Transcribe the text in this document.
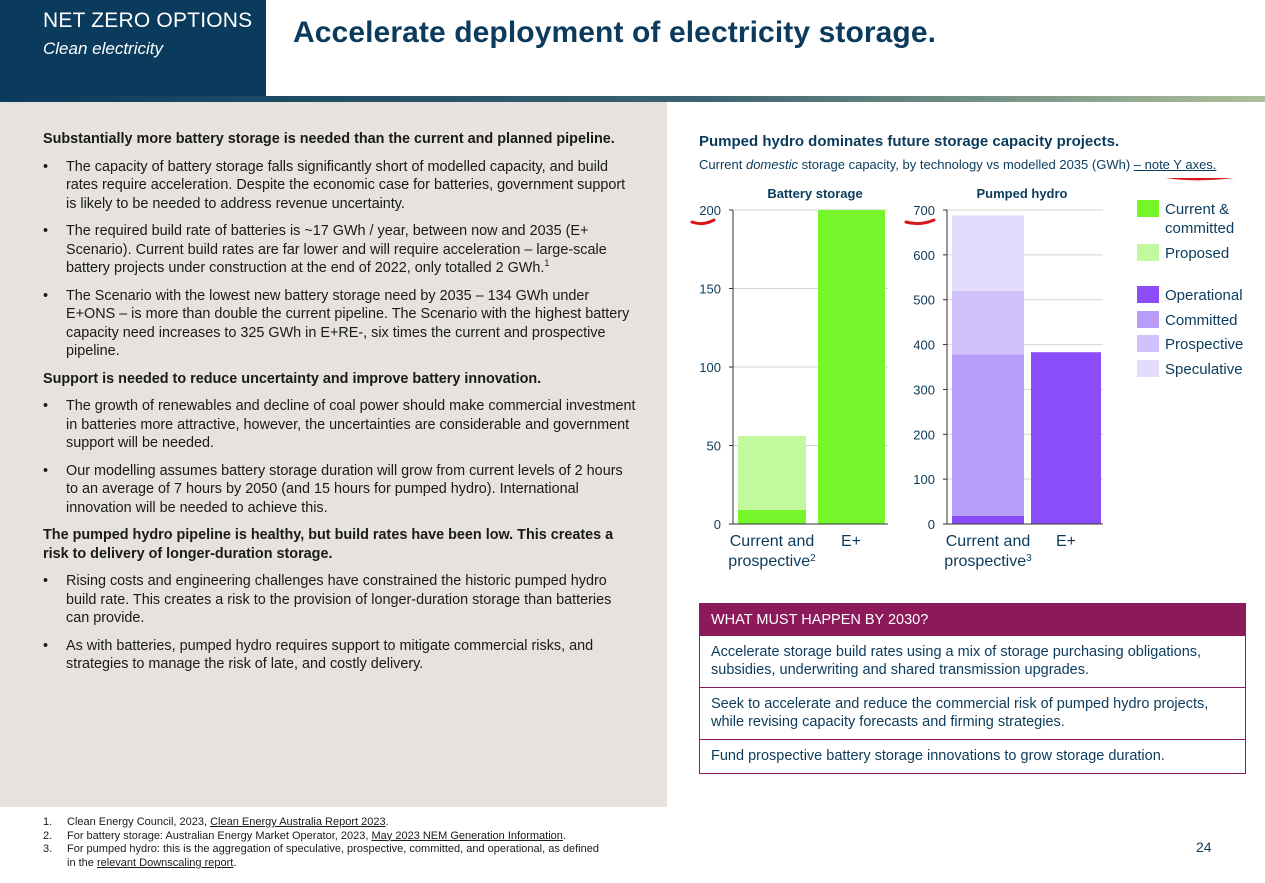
NET ZERO OPTIONS
Clean electricity	Accelerate deployment of electricity storage.
Substantially more battery storage is needed than the current and planned pipeline.
• The capacity of battery storage falls significantly short of modelled capacity, and build rates require acceleration. Despite the economic case for batteries, government support is likely to be needed to address revenue uncertainty.
• The required build rate of batteries is ~17 GWh / year, between now and 2035 (E+ Scenario). Current build rates are far lower and will require acceleration – large-scale battery projects under construction at the end of 2022, only totalled 2 GWh.$^1$
• The Scenario with the lowest new battery storage need by 2035 – 134 GWh under E+ONS – is more than double the current pipeline. The Scenario with the highest battery capacity need increases to 325 GWh in E+RE-, six times the current and prospective pipeline.
Support is needed to reduce uncertainty and improve battery innovation.
• The growth of renewables and decline of coal power should make commercial investment in batteries more attractive, however, the uncertainties are considerable and government support will be needed.
• Our modelling assumes battery storage duration will grow from current levels of 2 hours to an average of 7 hours by 2050 (and 15 hours for pumped hydro). International innovation will be needed to achieve this.
The pumped hydro pipeline is healthy, but build rates have been low. This creates a risk to delivery of longer-duration storage.
• Rising costs and engineering challenges have constrained the historic pumped hydro build rate. This creates a risk to the provision of longer-duration storage than batteries can provide.
• As with batteries, pumped hydro requires support to mitigate commercial risks, and strategies to manage the risk of late, and costly delivery.
Pumped hydro dominates future storage capacity projects.
Current domestic storage capacity, by technology vs modelled 2035 (GWh) – note Y axes.
Battery storage
0
50
100
150
200
Current and
prospective$^2$
E+
Pumped hydro
0
100
200
300
400
500
600
700
Current and
prospective$^3$
E+
Current &
committed
Proposed
Operational
Committed
Prospective
Speculative
WHAT MUST HAPPEN BY 2030?
Accelerate storage build rates using a mix of storage purchasing obligations, subsidies, underwriting and shared transmission upgrades.
Seek to accelerate and reduce the commercial risk of pumped hydro projects, while revising capacity forecasts and firming strategies.
Fund prospective battery storage innovations to grow storage duration.
1. Clean Energy Council, 2023, Clean Energy Australia Report 2023.
2. For battery storage: Australian Energy Market Operator, 2023, May 2023 NEM Generation Information.
3. For pumped hydro: this is the aggregation of speculative, prospective, committed, and operational, as defined in the relevant Downscaling report.
24
